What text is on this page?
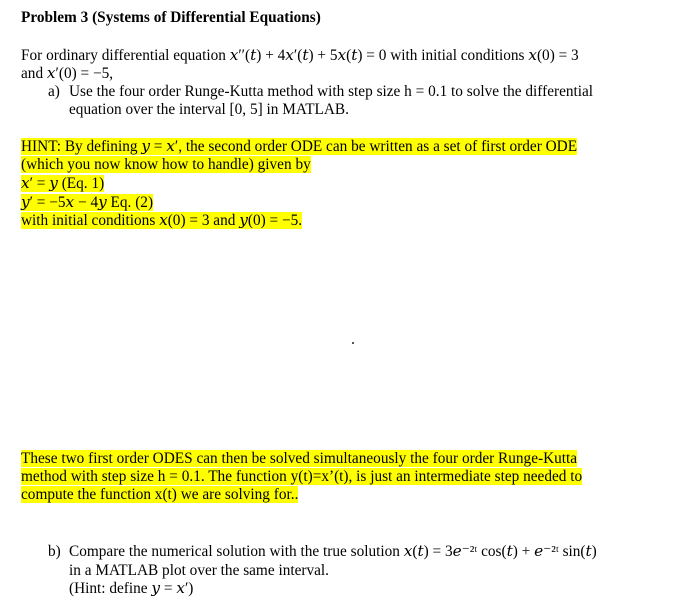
Problem 3 (Systems of Differential Equations)
For ordinary differential equation 𝑥′′(𝑡) + 4𝑥′(𝑡) + 5𝑥(𝑡) = 0 with initial conditions 𝑥(0) = 3
and 𝑥′(0) = −5,
a) Use the four order Runge-Kutta method with step size h = 0.1 to solve the differential
equation over the interval [0, 5] in MATLAB.
HINT: By defining 𝑦 = 𝑥′, the second order ODE can be written as a set of first order ODE
(which you now know how to handle) given by
𝑥′ = 𝑦 (Eq. 1)
𝑦′ = −5𝑥 − 4𝑦 Eq. (2)
with initial conditions 𝑥(0) = 3 and 𝑦(0) = −5.
These two first order ODES can then be solved simultaneously the four order Runge-Kutta
method with step size h = 0.1. The function y(t)=x’(t), is just an intermediate step needed to
compute the function x(t) we are solving for..
b) Compare the numerical solution with the true solution 𝑥(𝑡) = 3𝑒⁻²ᵗ cos(𝑡) + 𝑒⁻²ᵗ sin(𝑡)
in a MATLAB plot over the same interval.
(Hint: define 𝑦 = 𝑥′)
